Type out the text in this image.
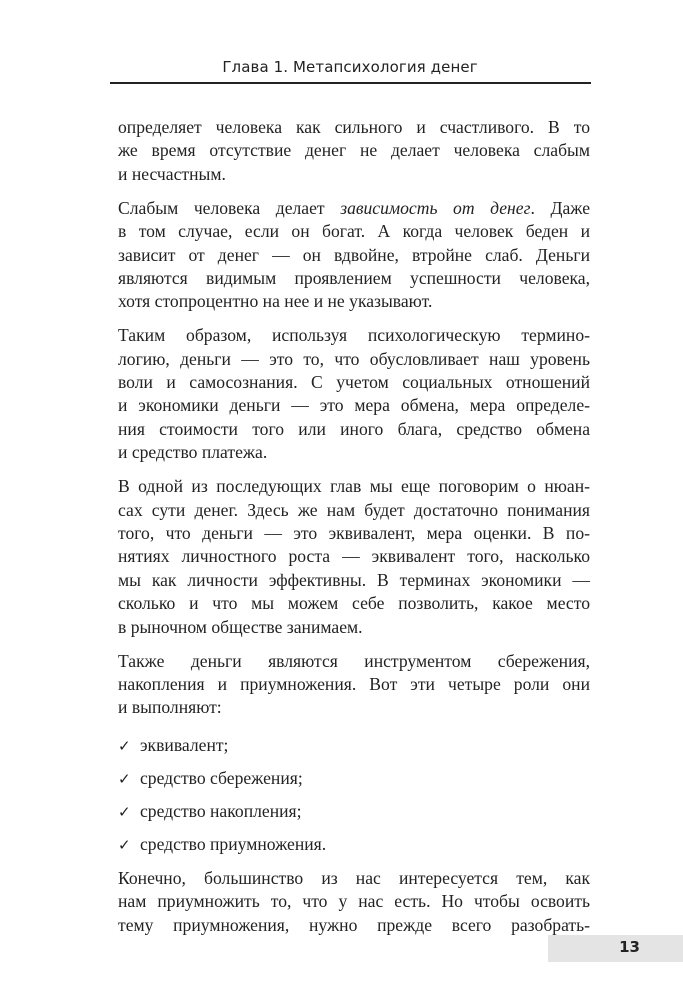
Глава 1. Метапсихология денег

определяет человека как сильного и счастливого. В то
же время отсутствие денег не делает человека слабым
и несчастным.

Слабым человека делает зависимость от денег. Даже
в том случае, если он богат. А когда человек беден и
зависит от денег — он вдвойне, втройне слаб. Деньги
являются видимым проявлением успешности человека,
хотя стопроцентно на нее и не указывают.

Таким образом, используя психологическую термино-
логию, деньги — это то, что обусловливает наш уровень
воли и самосознания. С учетом социальных отношений
и экономики деньги — это мера обмена, мера определе-
ния стоимости того или иного блага, средство обмена
и средство платежа.

В одной из последующих глав мы еще поговорим о нюан-
сах сути денег. Здесь же нам будет достаточно понимания
того, что деньги — это эквивалент, мера оценки. В по-
нятиях личностного роста — эквивалент того, насколько
мы как личности эффективны. В терминах экономики —
сколько и что мы можем себе позволить, какое место
в рыночном обществе занимаем.

Также деньги являются инструментом сбережения,
накопления и приумножения. Вот эти четыре роли они
и выполняют:

✓ эквивалент;
✓ средство сбережения;
✓ средство накопления;
✓ средство приумножения.

Конечно, большинство из нас интересуется тем, как
нам приумножить то, что у нас есть. Но чтобы освоить
тему приумножения, нужно прежде всего разобрать-

13
